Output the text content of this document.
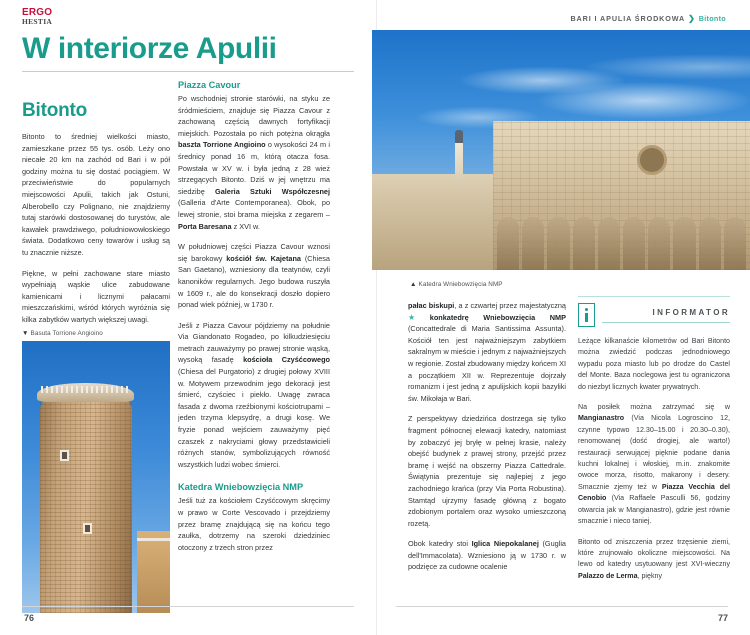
ERGO
HESTIA
W interiorze Apulii
Bitonto

Bitonto to średniej wielkości miasto, zamieszkane przez 55 tys. osób. Leży ono niecałe 20 km na zachód od Bari i w pół godziny można tu się dostać pociągiem. W przeciwieństwie do popularnych miejscowości Apulii, takich jak Ostuni, Alberobello czy Polignano, nie znajdziemy tutaj starówki dostosowanej do turystów, ale kawałek prawdziwego, południowowłoskiego świata. Dodatkowo ceny towarów i usług są tu znacznie niższe.

Piękne, w pełni zachowane stare miasto wypełniają wąskie ulice zabudowane kamienicami i licznymi pałacami mieszczańskimi, wśród których wyróżnia się kilka zabytków wartych większej uwagi.

▼ Basuta Torrione Angioino
Piazza Cavour

Po wschodniej stronie starówki, na styku ze śródmieściem, znajduje się Piazza Cavour z zachowaną częścią dawnych fortyfikacji miejskich. Pozostała po nich potężna okrągła baszta Torrione Angioino o wysokości 24 m i średnicy ponad 16 m, którą otacza fosa. Powstała w XV w. i była jedną z 28 wież strzegących Bitonto. Dziś w jej wnętrzu ma siedzibę Galeria Sztuki Współczesnej (Galleria d'Arte Contemporanea). Obok, po lewej stronie, stoi brama miejska z zegarem – Porta Baresana z XVI w.

W południowej części Piazza Cavour wznosi się barokowy kościół św. Kajetana (Chiesa San Gaetano), wzniesiony dla teatynów, czyli kanoników regularnych. Jego budowa ruszyła w 1609 r., ale do konsekracji doszło dopiero ponad wiek później, w 1730 r.

Jeśli z Piazza Cavour pójdziemy na południe Via Giandonato Rogadeo, po kilkudziesięciu metrach zauważymy po prawej stronie wąską, wysoką fasadę kościoła Czyśćcowego (Chiesa del Purgatorio) z drugiej połowy XVIII w. Motywem przewodnim jego dekoracji jest śmierć, czyściec i piekło. Uwagę zwraca fasada z dwoma rzeźbionymi kościotrupami – jeden trzyma klepsydrę, a drugi kosę. We fryzie ponad wejściem zauważymy pięć czaszek z nakryciami głowy przedstawicieli różnych stanów, symbolizujących równość wszystkich ludzi wobec śmierci.

Katedra Wniebowzięcia NMP

Jeśli tuż za kościołem Czyśćcowym skręcimy w prawo w Corte Vescovado i przejdziemy przez bramę znajdującą się na końcu tego zaułka, dotrzemy na szeroki dziedziniec otoczony z trzech stron przez

76
BARI I APULIA ŚRODKOWA ❯ Bitonto
77
▲ Katedra Wniebowzięcia NMP

pałac biskupi, a z czwartej przez majestatyczną ★ konkatedrę Wniebowzięcia NMP (Concattedrale di Maria Santissima Assunta). Kościół ten jest najważniejszym zabytkiem sakralnym w mieście i jednym z najważniejszych w regionie. Został zbudowany między końcem XI a początkiem XII w. Reprezentuje dojrzały romanizm i jest jedną z apulijskich kopii bazyliki św. Mikołaja w Bari.

Z perspektywy dziedzińca dostrzega się tylko fragment północnej elewacji katedry, natomiast by zobaczyć jej bryłę w pełnej krasie, należy obejść budynek z prawej strony, przejść przez bramę i wejść na obszerny Piazza Cattedrale. Świątynia prezentuje się najlepiej z jego zachodniego krańca (przy Via Porta Robustina). Stamtąd ujrzymy fasadę główną z bogato zdobionym portalem oraz wysoko umieszczoną rozetą.

Obok katedry stoi Iglica Niepokalanej (Guglia dell'Immacolata). Wzniesiono ją w 1730 r. w podzięce za cudowne ocalenie

INFORMATOR

Leżące kilkanaście kilometrów od Bari Bitonto można zwiedzić podczas jednodniowego wypadu poza miasto lub po drodze do Castel del Monte. Baza noclegowa jest tu ograniczona do niezbyt licznych kwater prywatnych.

Na posiłek można zatrzymać się w Mangianastro (Via Nicola Logroscino 12, czynne typowo 12.30–15.00 i 20.30–0.30), renomowanej (dość drogiej, ale warto!) restauracji serwującej pięknie podane dania kuchni lokalnej i włoskiej, m.in. znakomite owoce morza, risotto, makarony i desery. Smacznie zjemy też w Piazza Vecchia del Cenobio (Via Raffaele Pasculli 56, godziny otwarcia jak w Mangianastro), gdzie jest równie smacznie i nieco taniej.

Bitonto od zniszczenia przez trzęsienie ziemi, które zrujnowało okoliczne miejscowości. Na lewo od katedry usytuowany jest XVI-wieczny Palazzo de Lerma, piękny
